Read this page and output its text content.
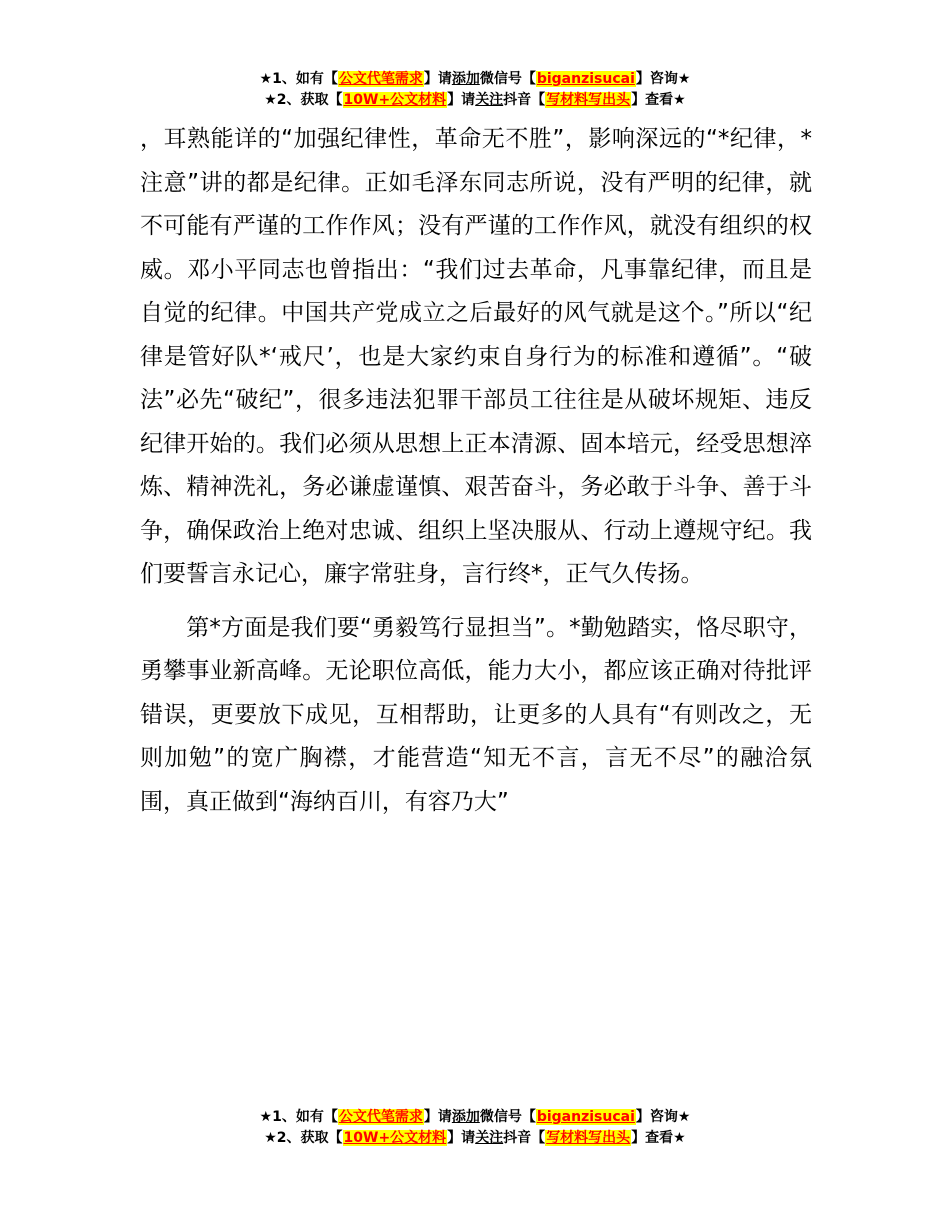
★1、如有【公文代笔需求】请添加微信号【biganzisucai】咨询★
★2、获取【10W+公文材料】请关注抖音【写材料写出头】查看★

，耳熟能详的“加强纪律性，革命无不胜”，影响深远的“*纪律，*注意”讲的都是纪律。正如毛泽东同志所说，没有严明的纪律，就不可能有严谨的工作作风；没有严谨的工作作风，就没有组织的权威。邓小平同志也曾指出：“我们过去革命，凡事靠纪律，而且是自觉的纪律。中国共产党成立之后最好的风气就是这个。”所以“纪律是管好队*‘戒尺’，也是大家约束自身行为的标准和遵循”。“破法”必先“破纪”，很多违法犯罪干部员工往往是从破坏规矩、违反纪律开始的。我们必须从思想上正本清源、固本培元，经受思想淬炼、精神洗礼，务必谦虚谨慎、艰苦奋斗，务必敢于斗争、善于斗争，确保政治上绝对忠诚、组织上坚决服从、行动上遵规守纪。我们要誓言永记心，廉字常驻身，言行终*，正气久传扬。

　　第*方面是我们要“勇毅笃行显担当”。*勤勉踏实，恪尽职守，勇攀事业新高峰。无论职位高低，能力大小，都应该正确对待批评错误，更要放下成见，互相帮助，让更多的人具有“有则改之，无则加勉”的宽广胸襟，才能营造“知无不言，言无不尽”的融洽氛围，真正做到“海纳百川，有容乃大”

★1、如有【公文代笔需求】请添加微信号【biganzisucai】咨询★
★2、获取【10W+公文材料】请关注抖音【写材料写出头】查看★
